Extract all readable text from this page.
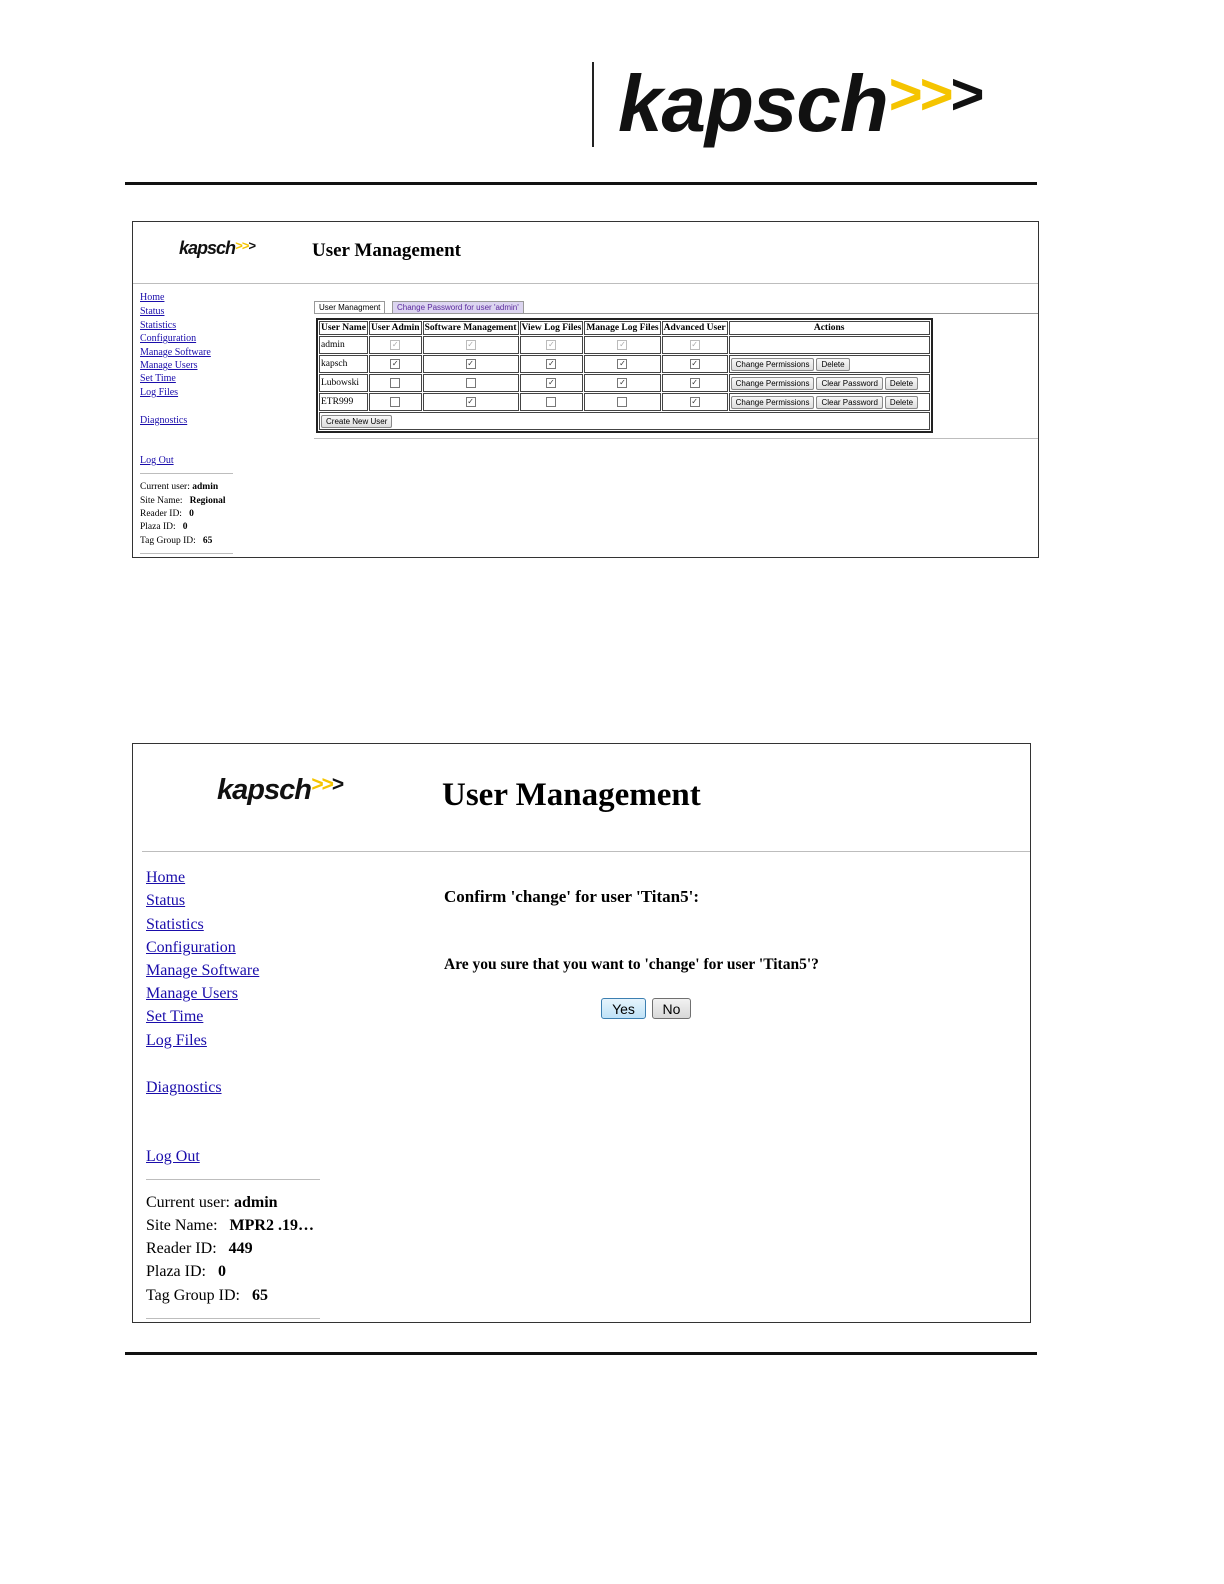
kapsch>>>
kapsch>>>	User Management
Home
Status
Statistics
Configuration
Manage Software
Manage Users
Set Time
Log Files
Diagnostics
Log Out
Current user: admin
Site Name: Regional
Reader ID: 0
Plaza ID: 0
Tag Group ID: 65
User Managment	Change Password for user 'admin'
User Name	User Admin	Software Management	View Log Files	Manage Log Files	Advanced User	Actions
admin	✓	✓	✓	✓	✓	
kapsch	✓	✓	✓	✓	✓	Change Permissions Delete
Lubowski			✓	✓	✓	Change Permissions Clear Password Delete
ETR999		✓			✓	Change Permissions Clear Password Delete
Create New User						
kapsch>>>	User Management
Home
Status
Statistics
Configuration
Manage Software
Manage Users
Set Time
Log Files
Diagnostics
Log Out
Current user: admin
Site Name: MPR2 .19…
Reader ID: 449
Plaza ID: 0
Tag Group ID: 65
Confirm 'change' for user 'Titan5':
Are you sure that you want to 'change' for user 'Titan5'?
Yes	No
